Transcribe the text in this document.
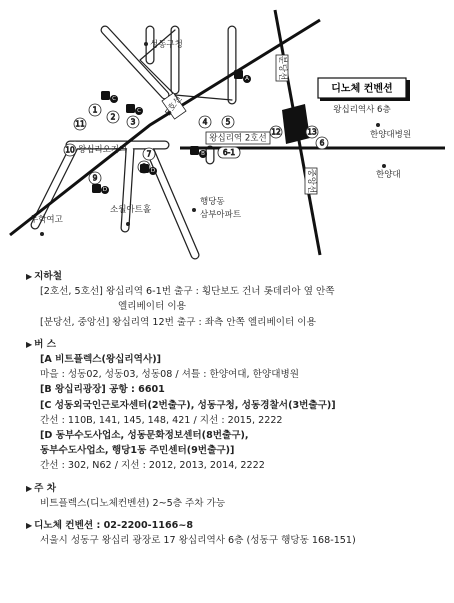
5호선
분당선
중앙선
왕십리역 2호선
디노체 컨벤션
왕십리역사 6층
성동구청
왕십리오거리
무학여고
소월아트홀
행당동
삼부아파트
한양대병원
한양대
1
2
3	4 5
6
6-1
7
9
10
11
12	13
A
B
C
C
D
D
▶ 지하철
[2호선, 5호선] 왕십리역 6-1번 출구 : 횡단보도 건너 롯데리아 옆 안쪽
엘리베이터 이용
[분당선, 중앙선] 왕십리역 12번 출구 : 좌측 안쪽 엘리베이터 이용
▶ 버 스
[A 비트플렉스(왕십리역사)]
마을 : 성동02, 성동03, 성동08 / 셔틀 : 한양여대, 한양대병원
[B 왕십리광장] 공항 : 6601
[C 성동외국인근로자센터(2번출구), 성동구청, 성동경찰서(3번출구)]
간선 : 110B, 141, 145, 148, 421 / 지선 : 2015, 2222
[D 동부수도사업소, 성동문화정보센터(8번출구),
동부수도사업소, 행당1동 주민센터(9번출구)]
간선 : 302, N62 / 지선 : 2012, 2013, 2014, 2222
▶ 주 차
비트플렉스(디노체컨벤션) 2~5층 주차 가능
▶ 디노체 컨벤션 : 02-2200-1166~8
서울시 성동구 왕십리 광장로 17 왕십리역사 6층 (성동구 행당동 168-151)
